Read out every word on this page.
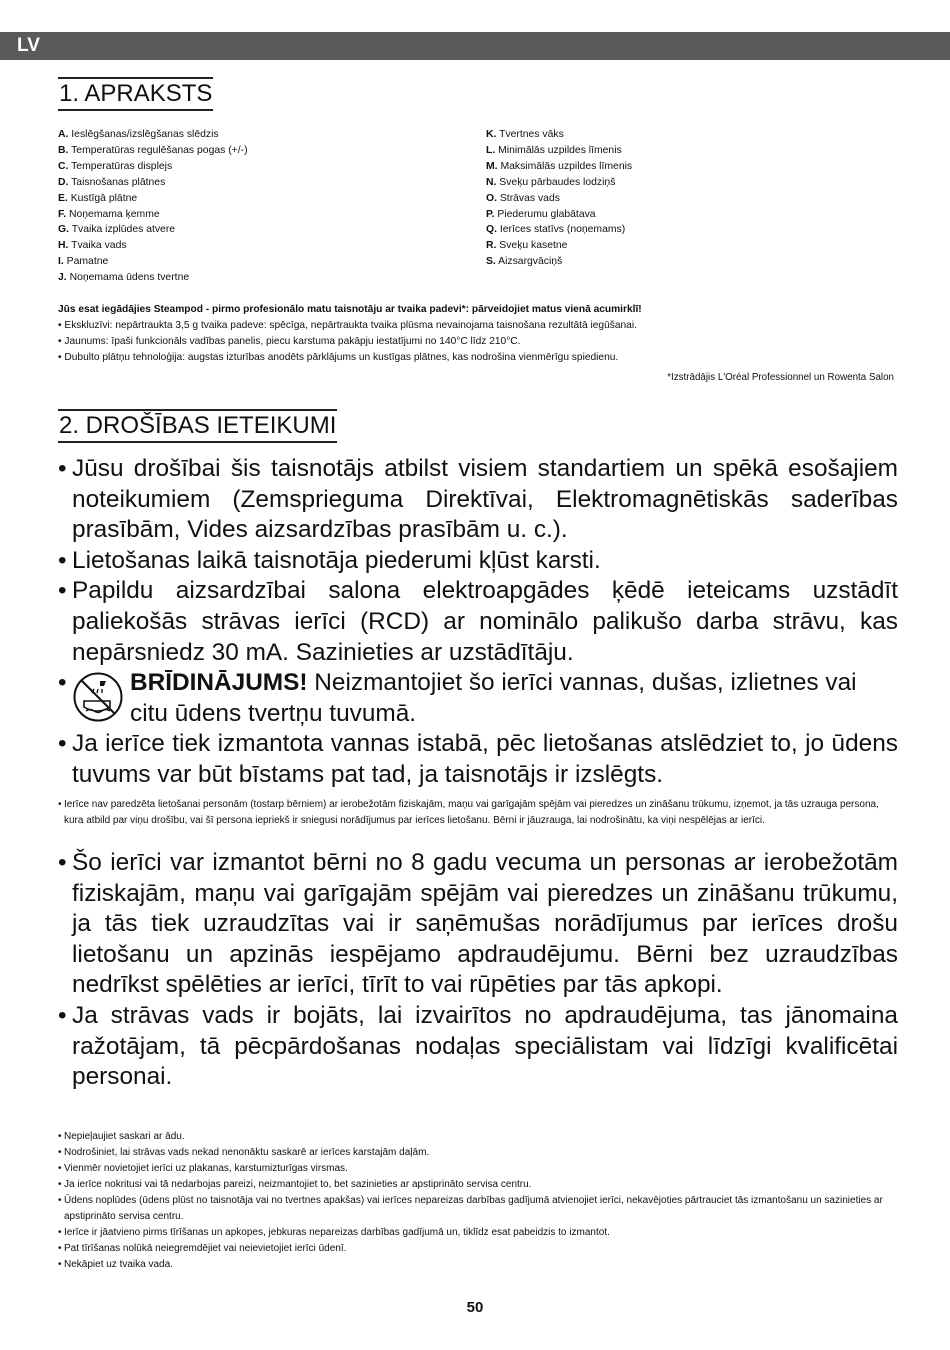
LV
1. APRAKSTS
A. Ieslēgšanas/izslēgšanas slēdzis
B. Temperatūras regulēšanas pogas (+/-)
C. Temperatūras displejs
D. Taisnošanas plātnes
E. Kustīgā plātne
F. Noņemama ķemme
G. Tvaika izplūdes atvere
H. Tvaika vads
I. Pamatne
J. Noņemama ūdens tvertne
K. Tvertnes vāks
L. Minimālās uzpildes līmenis
M. Maksimālās uzpildes līmenis
N. Sveķu pārbaudes lodziņš
O. Strāvas vads
P. Piederumu glabātava
Q. Ierīces statīvs (noņemams)
R. Sveķu kasetne
S. Aizsargvāciņš
Jūs esat iegādājies Steampod - pirmo profesionālo matu taisnotāju ar tvaika padevi*: pārveidojiet matus vienā acumirklī!
• Ekskluzīvi: nepārtraukta 3,5 g tvaika padeve: spēcīga, nepārtraukta tvaika plūsma nevainojama taisnošana rezultātā iegūšanai.
• Jaunums: īpaši funkcionāls vadības panelis, piecu karstuma pakāpju iestatījumi no 140°C līdz 210°C.
• Dubulto plātņu tehnoloģija: augstas izturības anodēts pārklājums un kustīgas plātnes, kas nodrošina vienmērīgu spiedienu.
*Izstrādājis L'Oréal Professionnel un Rowenta Salon
2. DROŠĪBAS IETEIKUMI
• Jūsu drošībai šis taisnotājs atbilst visiem standartiem un spēkā esošajiem noteikumiem (Zemsprieguma Direktīvai, Elektromagnētiskās saderības prasībām, Vides aizsardzības prasībām u. c.).
• Lietošanas laikā taisnotāja piederumi kļūst karsti.
• Papildu aizsardzībai salona elektroapgādes ķēdē ieteicams uzstādīt paliekošās strāvas ierīci (RCD) ar nominālo palikušo darba strāvu, kas nepārsniedz 30 mA. Sazinieties ar uzstādītāju.
• BRĪDINĀJUMS! Neizmantojiet šo ierīci vannas, dušas, izlietnes vai citu ūdens tvertņu tuvumā.
• Ja ierīce tiek izmantota vannas istabā, pēc lietošanas atslēdziet to, jo ūdens tuvums var būt bīstams pat tad, ja taisnotājs ir izslēgts.
• Ierīce nav paredzēta lietošanai personām (tostarp bērniem) ar ierobežotām fiziskajām, maņu vai garīgajām spējām vai pieredzes un zināšanu trūkumu, izņemot, ja tās uzrauga persona, kura atbild par viņu drošību, vai šī persona iepriekš ir sniegusi norādījumus par ierīces lietošanu. Bērni ir jāuzrauga, lai nodrošinātu, ka viņi nespēlējas ar ierīci.
• Šo ierīci var izmantot bērni no 8 gadu vecuma un personas ar ierobežotām fiziskajām, maņu vai garīgajām spējām vai pieredzes un zināšanu trūkumu, ja tās tiek uzraudzītas vai ir saņēmušas norādījumus par ierīces drošu lietošanu un apzinās iespējamo apdraudējumu. Bērni bez uzraudzības nedrīkst spēlēties ar ierīci, tīrīt to vai rūpēties par tās apkopi.
• Ja strāvas vads ir bojāts, lai izvairītos no apdraudējuma, tas jānomaina ražotājam, tā pēcpārdošanas nodaļas speciālistam vai līdzīgi kvalificētai personai.
• Nepieļaujiet saskari ar ādu.
• Nodrošiniet, lai strāvas vads nekad nenonāktu saskarē ar ierīces karstajām daļām.
• Vienmēr novietojiet ierīci uz plakanas, karstumizturīgas virsmas.
• Ja ierīce nokritusi vai tā nedarbojas pareizi, neizmantojiet to, bet sazinieties ar apstiprināto servisa centru.
• Ūdens noplūdes (ūdens plūst no taisnotāja vai no tvertnes apakšas) vai ierīces nepareizas darbības gadījumā atvienojiet ierīci, nekavējoties pārtrauciet tās izmantošanu un sazinieties ar apstiprināto servisa centru.
• Ierīce ir jāatvieno pirms tīrīšanas un apkopes, jebkuras nepareizas darbības gadījumā un, tiklīdz esat pabeidzis to izmantot.
• Pat tīrīšanas nolūkā neiegremdējiet vai neievietojiet ierīci ūdenī.
• Nekāpiet uz tvaika vada.
50
